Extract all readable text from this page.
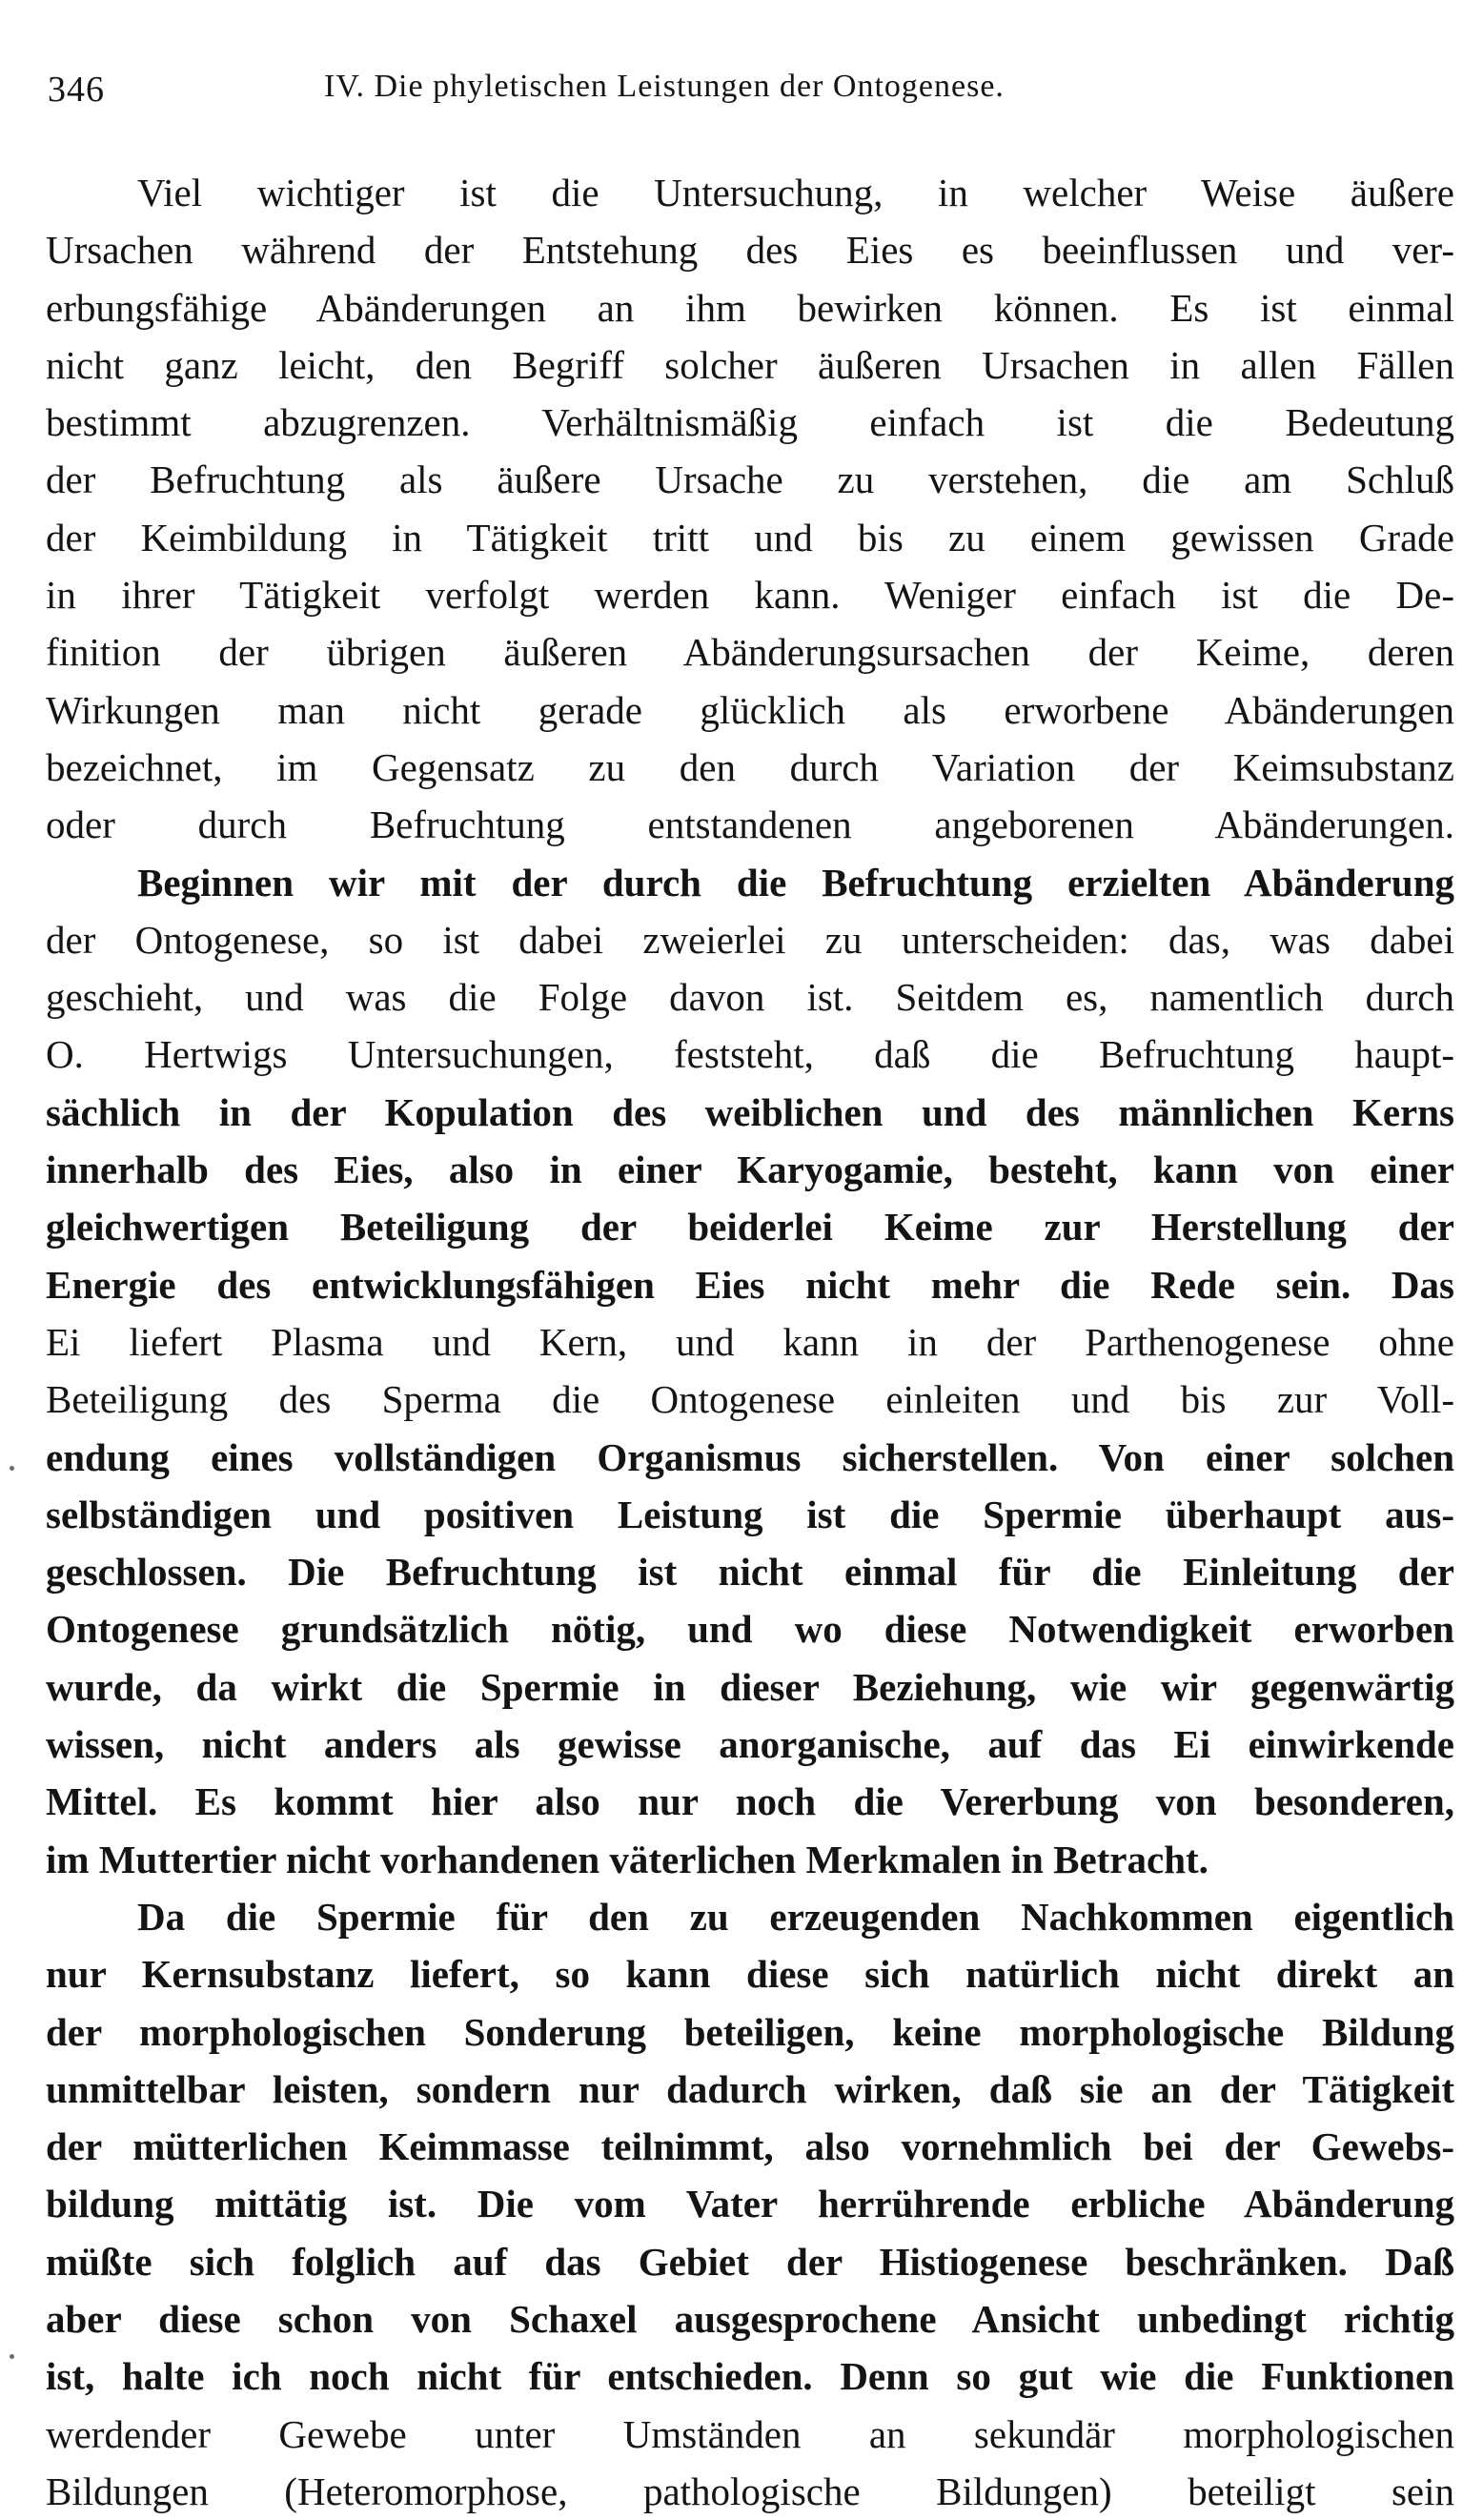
346	IV. Die phyletischen Leistungen der Ontogenese.
Viel wichtiger ist die Untersuchung, in welcher Weise äußere
Ursachen während der Entstehung des Eies es beeinflussen und ver-
erbungsfähige Abänderungen an ihm bewirken können. Es ist einmal
nicht ganz leicht, den Begriff solcher äußeren Ursachen in allen Fällen
bestimmt abzugrenzen. Verhältnismäßig einfach ist die Bedeutung
der Befruchtung als äußere Ursache zu verstehen, die am Schluß
der Keimbildung in Tätigkeit tritt und bis zu einem gewissen Grade
in ihrer Tätigkeit verfolgt werden kann. Weniger einfach ist die De-
finition der übrigen äußeren Abänderungsursachen der Keime, deren
Wirkungen man nicht gerade glücklich als erworbene Abänderungen
bezeichnet, im Gegensatz zu den durch Variation der Keimsubstanz
oder durch Befruchtung entstandenen angeborenen Abänderungen.
Beginnen wir mit der durch die Befruchtung erzielten Abänderung
der Ontogenese, so ist dabei zweierlei zu unterscheiden: das, was dabei
geschieht, und was die Folge davon ist. Seitdem es, namentlich durch
O. Hertwigs Untersuchungen, feststeht, daß die Befruchtung haupt-
sächlich in der Kopulation des weiblichen und des männlichen Kerns
innerhalb des Eies, also in einer Karyogamie, besteht, kann von einer
gleichwertigen Beteiligung der beiderlei Keime zur Herstellung der
Energie des entwicklungsfähigen Eies nicht mehr die Rede sein. Das
Ei liefert Plasma und Kern, und kann in der Parthenogenese ohne
Beteiligung des Sperma die Ontogenese einleiten und bis zur Voll-
endung eines vollständigen Organismus sicherstellen. Von einer solchen
selbständigen und positiven Leistung ist die Spermie überhaupt aus-
geschlossen. Die Befruchtung ist nicht einmal für die Einleitung der
Ontogenese grundsätzlich nötig, und wo diese Notwendigkeit erworben
wurde, da wirkt die Spermie in dieser Beziehung, wie wir gegenwärtig
wissen, nicht anders als gewisse anorganische, auf das Ei einwirkende
Mittel. Es kommt hier also nur noch die Vererbung von besonderen,
im Muttertier nicht vorhandenen väterlichen Merkmalen in Betracht.
Da die Spermie für den zu erzeugenden Nachkommen eigentlich
nur Kernsubstanz liefert, so kann diese sich natürlich nicht direkt an
der morphologischen Sonderung beteiligen, keine morphologische Bildung
unmittelbar leisten, sondern nur dadurch wirken, daß sie an der Tätigkeit
der mütterlichen Keimmasse teilnimmt, also vornehmlich bei der Gewebs-
bildung mittätig ist. Die vom Vater herrührende erbliche Abänderung
müßte sich folglich auf das Gebiet der Histiogenese beschränken. Daß
aber diese schon von Schaxel ausgesprochene Ansicht unbedingt richtig
ist, halte ich noch nicht für entschieden. Denn so gut wie die Funktionen
werdender Gewebe unter Umständen an sekundär morphologischen
Bildungen (Heteromorphose, pathologische Bildungen) beteiligt sein
